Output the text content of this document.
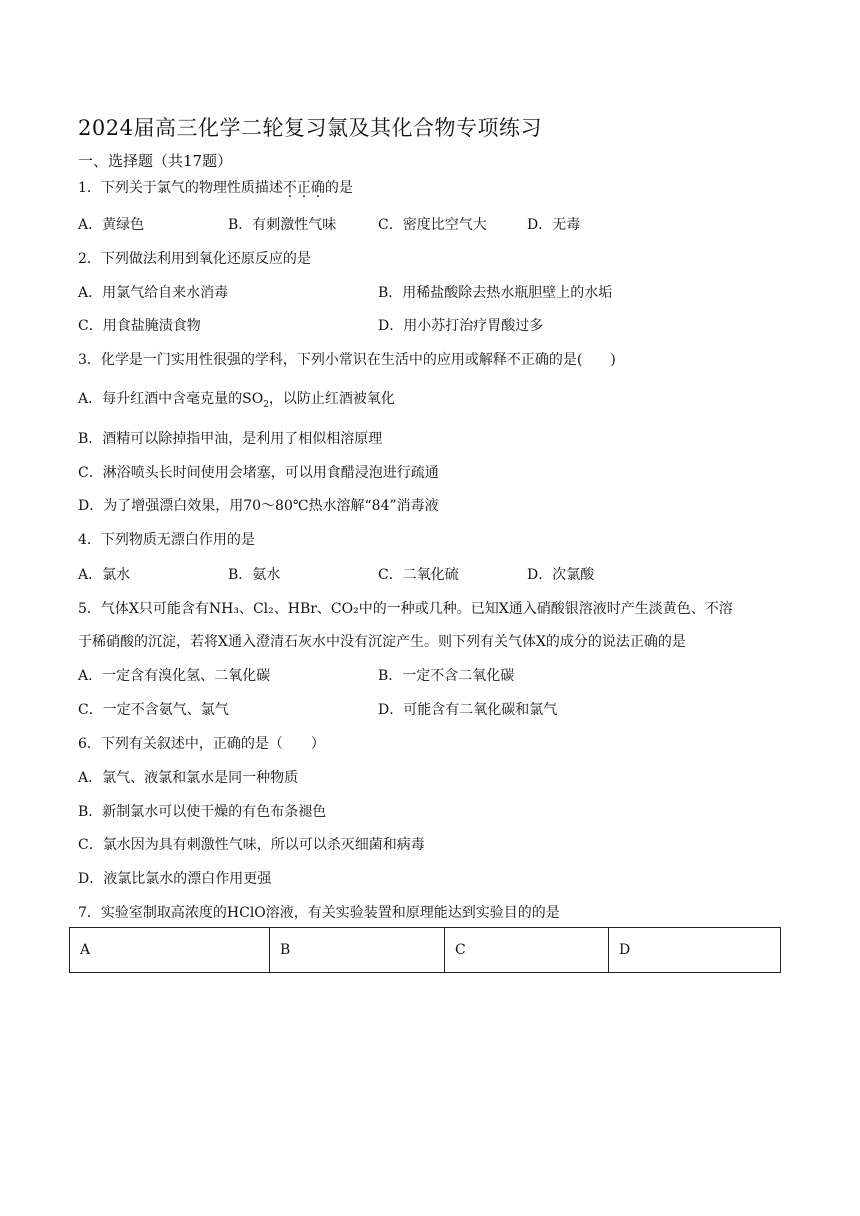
2024届高三化学二轮复习氯及其化合物专项练习
一、选择题（共17题）
1．下列关于氯气的物理性质描述不正确的是
A．黄绿色	B．有刺激性气味	C．密度比空气大	D．无毒
2．下列做法利用到氧化还原反应的是
A．用氯气给自来水消毒	B．用稀盐酸除去热水瓶胆壁上的水垢
C．用食盐腌渍食物	D．用小苏打治疗胃酸过多
3．化学是一门实用性很强的学科，下列小常识在生活中的应用或解释不正确的是(　　)
A．每升红酒中含毫克量的$SO_2$，以防止红酒被氧化
B．酒精可以除掉指甲油，是利用了相似相溶原理
C．淋浴喷头长时间使用会堵塞，可以用食醋浸泡进行疏通
D．为了增强漂白效果，用70～80℃热水溶解“84”消毒液
4．下列物质无漂白作用的是
A．氯水	B．氨水	C．二氧化硫	D．次氯酸
5．气体X只可能含有NH₃、Cl₂、HBr、CO₂中的一种或几种。已知X通入硝酸银溶液时产生淡黄色、不溶
于稀硝酸的沉淀，若将X通入澄清石灰水中没有沉淀产生。则下列有关气体X的成分的说法正确的是
A．一定含有溴化氢、二氧化碳	B．一定不含二氧化碳
C．一定不含氨气、氯气	D．可能含有二氧化碳和氯气
6．下列有关叙述中，正确的是（　　）
A．氯气、液氯和氯水是同一种物质
B．新制氯水可以使干燥的有色布条褪色
C．氯水因为具有刺激性气味，所以可以杀灭细菌和病毒
D．液氯比氯水的漂白作用更强
7．实验室制取高浓度的HClO溶液，有关实验装置和原理能达到实验目的的是
A	B	C	D
